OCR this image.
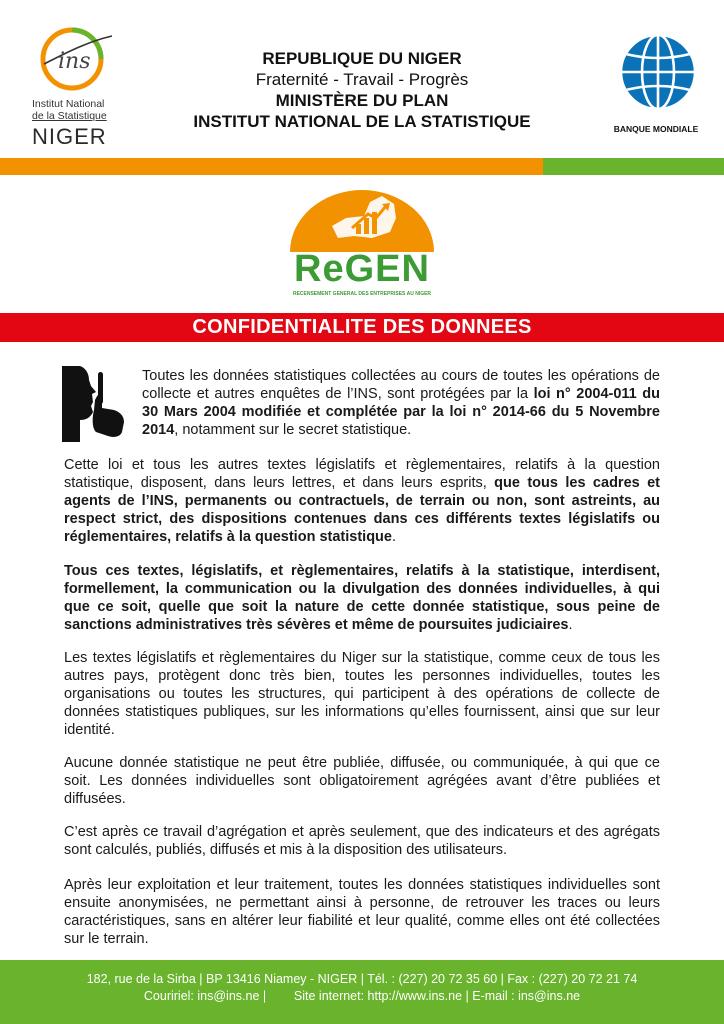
ins
Institut National
de la Statistique
NIGER
REPUBLIQUE DU NIGER
Fraternité - Travail - Progrès
MINISTÈRE DU PLAN
INSTITUT NATIONAL DE LA STATISTIQUE	BANQUE MONDIALE
ReGEN
RECENSEMENT GENERAL DES ENTREPRISES AU NIGER
CONFIDENTIALITE DES DONNEES

Toutes les données statistiques collectées au cours de toutes les opérations de collecte et autres enquêtes de l’INS, sont protégées par la loi n° 2004-011 du 30 Mars 2004 modifiée et complétée par la loi n° 2014-66 du 5 Novembre 2014, notamment sur le secret statistique.

Cette loi et tous les autres textes législatifs et règlementaires, relatifs à la question statistique, disposent, dans leurs lettres, et dans leurs esprits, que tous les cadres et agents de l’INS, permanents ou contractuels, de terrain ou non, sont astreints, au respect strict, des dispositions contenues dans ces différents textes législatifs ou réglementaires, relatifs à la question statistique.

Tous ces textes, législatifs, et règlementaires, relatifs à la statistique, interdisent, formellement, la communication ou la divulgation des données individuelles, à qui que ce soit, quelle que soit la nature de cette donnée statistique, sous peine de sanctions administratives très sévères et même de poursuites judiciaires.

Les textes législatifs et règlementaires du Niger sur la statistique, comme ceux de tous les autres pays, protègent donc très bien, toutes les personnes individuelles, toutes les organisations ou toutes les structures, qui participent à des opérations de collecte de données statistiques publiques, sur les informations qu’elles fournissent, ainsi que sur leur identité.

Aucune donnée statistique ne peut être publiée, diffusée, ou communiquée, à qui que ce soit. Les données individuelles sont obligatoirement agrégées avant d’être publiées et diffusées.

C’est après ce travail d’agrégation et après seulement, que des indicateurs et des agrégats sont calculés, publiés, diffusés et mis à la disposition des utilisateurs.

Après leur exploitation et leur traitement, toutes les données statistiques individuelles sont ensuite anonymisées, ne permettant ainsi à personne, de retrouver les traces ou leurs caractéristiques, sans en altérer leur fiabilité et leur qualité, comme elles ont été collectées sur le terrain.

182, rue de la Sirba | BP 13416 Niamey - NIGER | Tél. : (227) 20 72 35 60 | Fax : (227) 20 72 21 74
Couririel: ins@ins.ne |        Site internet: http://www.ins.ne | E-mail : ins@ins.ne
